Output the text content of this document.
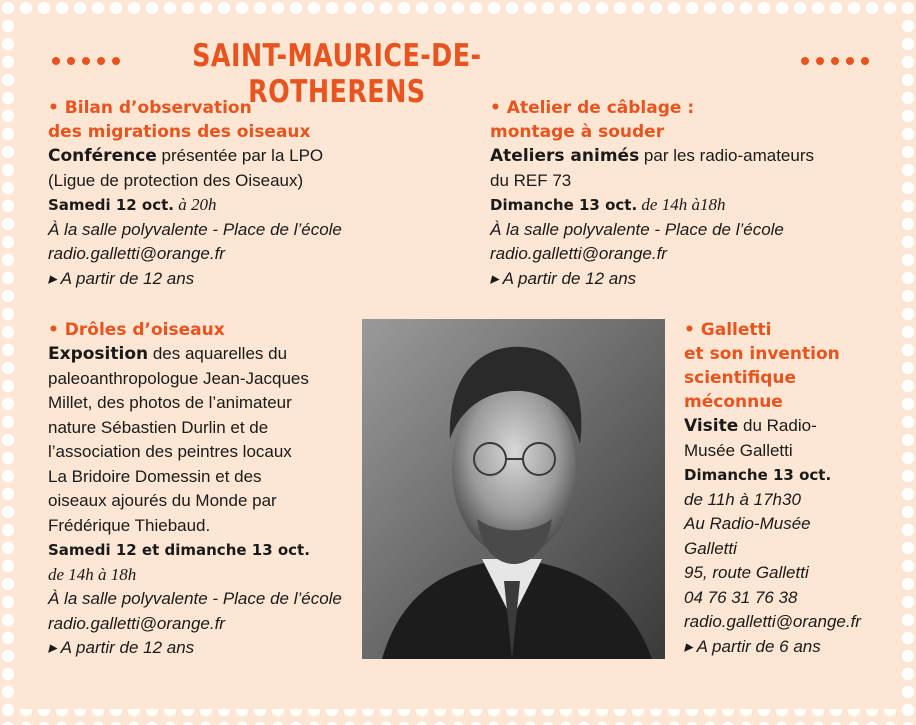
SAINT-MAURICE-DE-ROTHERENS
• Bilan d’observation
des migrations des oiseaux
Conférence présentée par la LPO
(Ligue de protection des Oiseaux)
Samedi 12 oct. à 20h
À la salle polyvalente - Place de l’école
radio.galletti@orange.fr
▸ A partir de 12 ans
• Atelier de câblage :
montage à souder
Ateliers animés par les radio-amateurs
du REF 73
Dimanche 13 oct. de 14h à18h
À la salle polyvalente - Place de l’école
radio.galletti@orange.fr
▸ A partir de 12 ans
• Drôles d’oiseaux
Exposition des aquarelles du
paleoanthropologue Jean-Jacques
Millet, des photos de l’animateur
nature Sébastien Durlin et de
l’association des peintres locaux
La Bridoire Domessin et des
oiseaux ajourés du Monde par
Frédérique Thiebaud.
Samedi 12 et dimanche 13 oct.
de 14h à 18h
À la salle polyvalente - Place de l’école
radio.galletti@orange.fr
▸ A partir de 12 ans
• Galletti
et son invention
scientifique
méconnue
Visite du Radio-
Musée Galletti
Dimanche 13 oct.
de 11h à 17h30
Au Radio-Musée
Galletti
95, route Galletti
04 76 31 76 38
radio.galletti@orange.fr
▸ A partir de 6 ans
